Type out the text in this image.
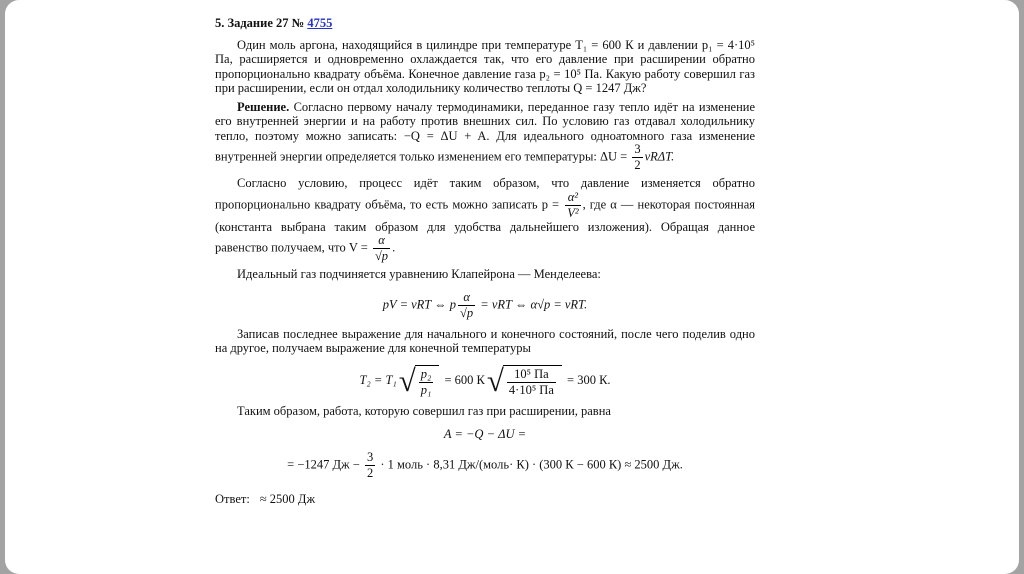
5. Задание 27 № 4755

Один моль аргона, находящийся в цилиндре при температуре T₁ = 600 К и давлении p₁ = 4·10⁵ Па, расширяется и одновременно охлаждается так, что его давление при расширении обратно пропорционально квадрату объёма. Конечное давление газа p₂ = 10⁵ Па. Какую работу совершил газ при расширении, если он отдал холодильнику количество теплоты Q = 1247 Дж?

Решение. Согласно первому началу термодинамики, переданное газу тепло идёт на изменение его внутренней энергии и на работу против внешних сил. По условию газ отдавал холодильнику тепло, поэтому можно записать: −Q = ΔU + A. Для идеального одноатомного газа изменение внутренней энергии определяется только изменением его температуры: $\Delta U = \frac{3}{2} \nu R\Delta T$.

Согласно условию, процесс идёт таким образом, что давление изменяется обратно пропорционально квадрату объёма, то есть можно записать $p = \frac{\text{α²}}{\text{V²}}$ , где α — некоторая постоянная (константа выбрана таким образом для удобства дальнейшего изложения). Обращая данное равенство получаем, что $V = \frac{\alpha}{√p}$ .

Идеальный газ подчиняется уравнению Клапейрона — Менделеева:

pV = νRT ⇔ p $\frac{\alpha}{√p} = \nu RT$ ⇔ α√p = νRT.

Записав последнее выражение для начального и конечного состояний, после чего поделив одно на другое, получаем выражение для конечной температуры

T₂ = T₁ √ $\frac{\text{p₂}}{\text{p₁}} = 600$ К √ $\frac{\text{10⁵ Па}}{\text{4·10⁵ Па}} = 300$ К.

Таким образом, работа, которую совершил газ при расширении, равна

A = −Q − ΔU =
= −1247 Дж − $\frac{3}{2} \cdot 1$ моль · 8,31 Дж/(моль· К) · (300 К − 600 К) ≈ 2500 Дж.

Ответ: ≈ 2500 Дж
